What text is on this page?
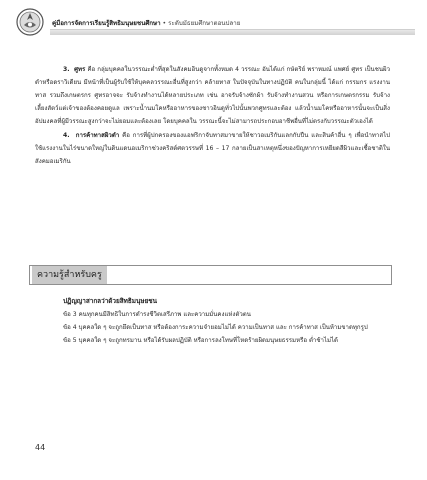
คู่มือการจัดการเรียนรู้สิทธิมนุษยชนศึกษา • ระดับมัธยมศึกษาตอนปลาย

3. ศูทร คือ กลุ่มบุคคลในวรรณะต่ำที่สุดในสังคมอินดูจากทั้งหมด 4 วรรณะ อันได้แก่ กษัตริย์ พราหมณ์ แพศย์ ศูทร เป็นชนผิวดำหรือดราวิเดียน มีหน้าที่เป็นผู้รับใช้ให้บุคคลวรรณะอื่นที่สูงกว่า คล้ายทาส ในปัจจุบันในทางปฏิบัติ คนในกลุ่มนี้ ได้แก่ กรรมกร แรงงาน ทาส รวมถึงเกษตรกร ศูทรอาจจะ รับจ้างทำงานได้หลายประเภท เช่น อาจรับจ้างซักผ้า รับจ้างทำงานสวน หรือการเกษตรกรรม รับจ้าง เลี้ยงสัตว์แต่เจ้าของต้องคอยดูแล เพราะน้ำนมโคหรืออาหารของชาวอินดูทั่วไปนั้นพวกศูทรและต้อง แล้วน้ำนมโคหรืออาหารนั้นจะเป็นสิ่งอัปมงคลที่ผู้มีวรรณะสูงกว่าจะไม่ยอมและต้องเลย โดยบุคคลใน วรรณะนี้จะไม่สามารถประกอบอาชีพอื่นที่ไม่ตรงกับวรรณะตัวเองได้

4. การค้าทาสผิวดำ คือ การที่ผู้ปกครองของแอฟริกาจับทาสมาขายให้ชาวอเมริกันแลกกับปืน และสินค้าอื่น ๆ เพื่อนำทาสไปใช้แรงงานในไร่ขนาดใหญ่ในดินแดนอเมริกาช่วงคริสต์ศตวรรษที่ 16 – 17 กลายเป็นสาเหตุหนึ่งของปัญหาการเหยียดสีผิวและเชื้อชาติในสังคมอเมริกัน

ความรู้สำหรับครู

ปฏิญญาสากลว่าด้วยสิทธิมนุษยชน

ข้อ 3 คนทุกคนมีสิทธิในการดำรงชีวิตเสรีภาพ และความมั่นคงแห่งตัวตน

ข้อ 4 บุคคลใด ๆ จะถูกยึดเป็นทาส หรือต้องการะความจำยอมไม่ได้ ความเป็นทาส และ การค้าทาส เป็นห้ามขาดทุกรูป

ข้อ 5 บุคคลใด ๆ จะถูกทรมาน หรือได้รับผลปฏิบัติ หรือการลงโทษที่โหดร้ายผิดมนุษยธรรมหรือ ต่ำช้าไม่ได้

44
